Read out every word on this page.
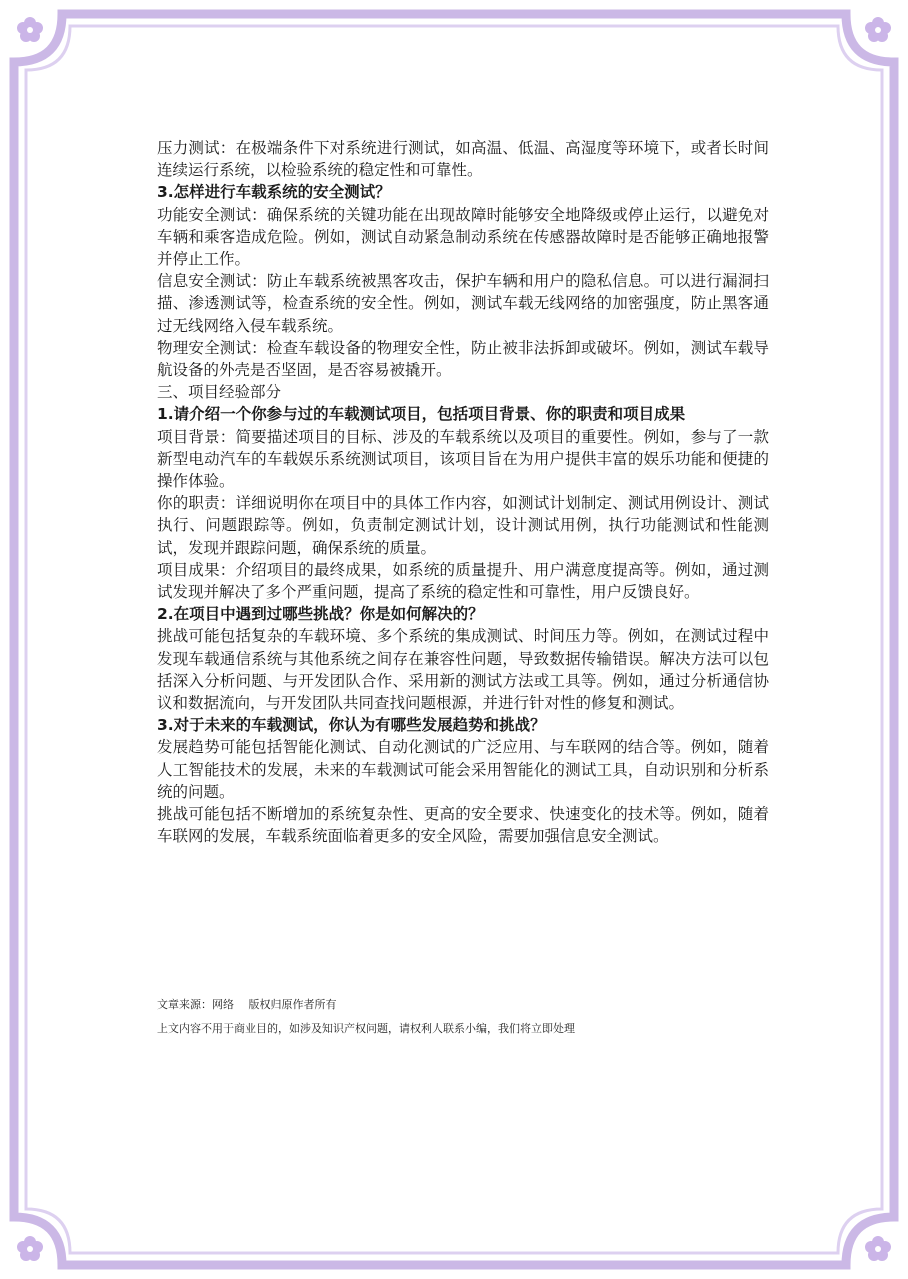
压力测试：在极端条件下对系统进行测试，如高温、低温、高湿度等环境下，或者长时间连续运行系统，以检验系统的稳定性和可靠性。

3.怎样进行车载系统的安全测试？

功能安全测试：确保系统的关键功能在出现故障时能够安全地降级或停止运行，以避免对车辆和乘客造成危险。例如，测试自动紧急制动系统在传感器故障时是否能够正确地报警并停止工作。

信息安全测试：防止车载系统被黑客攻击，保护车辆和用户的隐私信息。可以进行漏洞扫描、渗透测试等，检查系统的安全性。例如，测试车载无线网络的加密强度，防止黑客通过无线网络入侵车载系统。

物理安全测试：检查车载设备的物理安全性，防止被非法拆卸或破坏。例如，测试车载导航设备的外壳是否坚固，是否容易被撬开。

三、项目经验部分

1.请介绍一个你参与过的车载测试项目，包括项目背景、你的职责和项目成果

项目背景：简要描述项目的目标、涉及的车载系统以及项目的重要性。例如，参与了一款新型电动汽车的车载娱乐系统测试项目，该项目旨在为用户提供丰富的娱乐功能和便捷的操作体验。

你的职责：详细说明你在项目中的具体工作内容，如测试计划制定、测试用例设计、测试执行、问题跟踪等。例如，负责制定测试计划，设计测试用例，执行功能测试和性能测试，发现并跟踪问题，确保系统的质量。

项目成果：介绍项目的最终成果，如系统的质量提升、用户满意度提高等。例如，通过测试发现并解决了多个严重问题，提高了系统的稳定性和可靠性，用户反馈良好。

2.在项目中遇到过哪些挑战？你是如何解决的？

挑战可能包括复杂的车载环境、多个系统的集成测试、时间压力等。例如，在测试过程中发现车载通信系统与其他系统之间存在兼容性问题，导致数据传输错误。解决方法可以包括深入分析问题、与开发团队合作、采用新的测试方法或工具等。例如，通过分析通信协议和数据流向，与开发团队共同查找问题根源，并进行针对性的修复和测试。

3.对于未来的车载测试，你认为有哪些发展趋势和挑战？

发展趋势可能包括智能化测试、自动化测试的广泛应用、与车联网的结合等。例如，随着人工智能技术的发展，未来的车载测试可能会采用智能化的测试工具，自动识别和分析系统的问题。

挑战可能包括不断增加的系统复杂性、更高的安全要求、快速变化的技术等。例如，随着车联网的发展，车载系统面临着更多的安全风险，需要加强信息安全测试。

文章来源：网络　 版权归原作者所有

上文内容不用于商业目的，如涉及知识产权问题，请权利人联系小编，我们将立即处理
